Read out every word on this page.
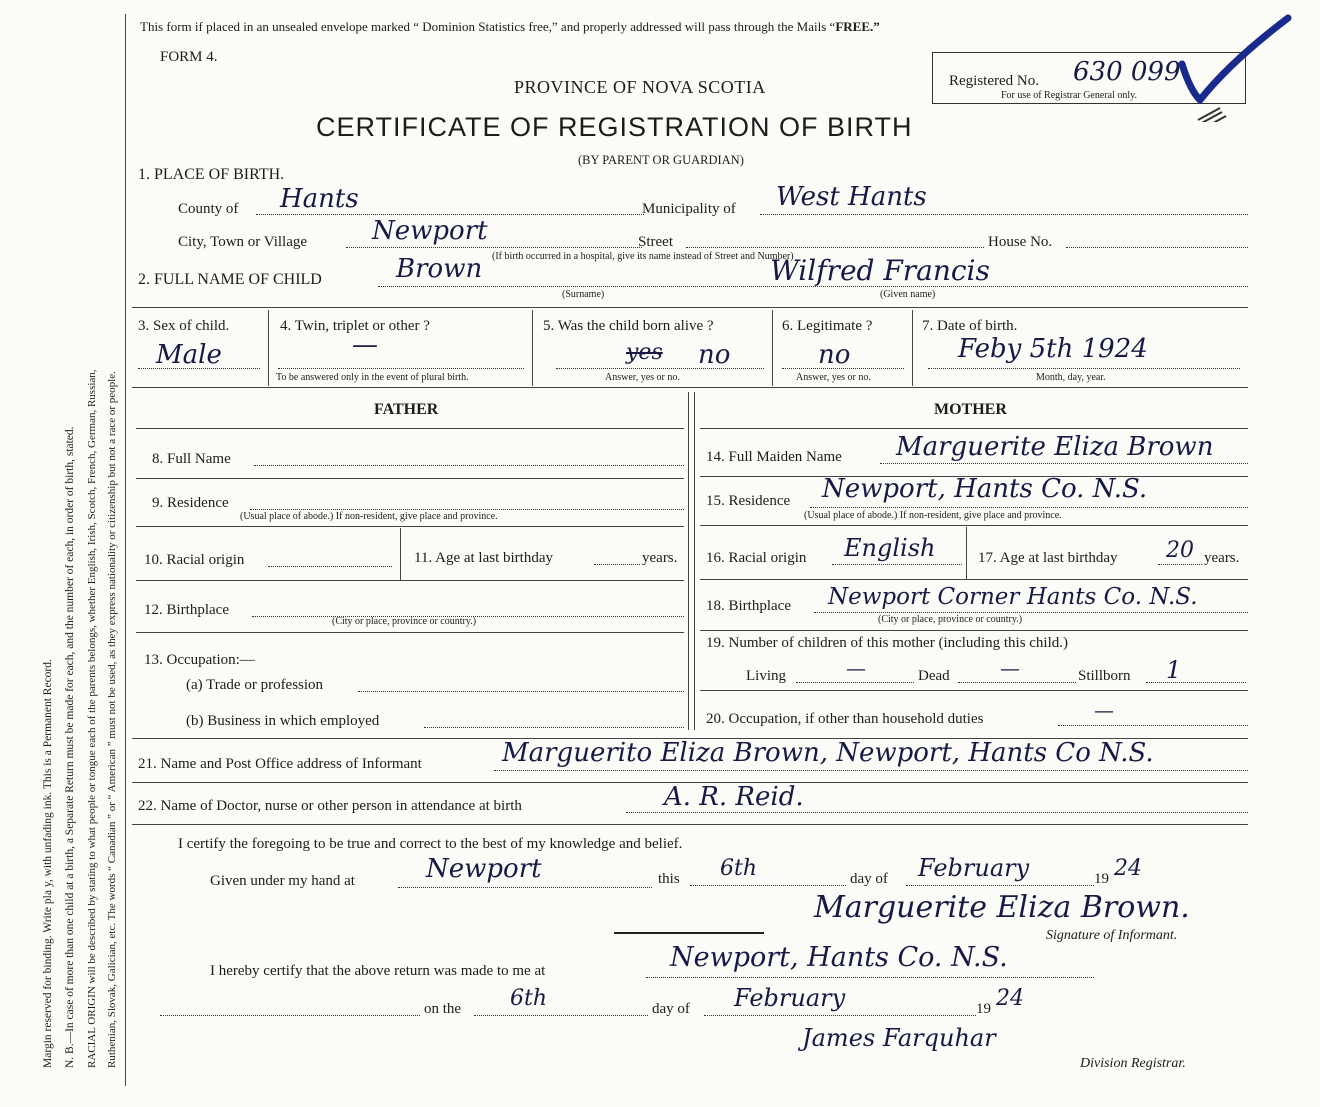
Margin reserved for binding. Write pla y, with unfading ink. This is a Permanent Record. N. B.—In case of more than one child at a birth, a Separate Return must be made for each, and the number of each, in order of birth, stated. RACIAL ORIGIN will be described by stating to what people or tongue each of the parents belongs, whether English, Irish, Scotch, French, German, Russian, Ruthenian, Slovak, Galician, etc. The words “ Canadian ” or “ American ” must not be used, as they express nationality or citizenship but not a race or people.
This form if placed in an unsealed envelope marked “ Dominion Statistics free,” and properly addressed will pass through the Mails “FREE.”
FORM 4.
PROVINCE OF NOVA SCOTIA
CERTIFICATE OF REGISTRATION OF BIRTH
(BY PARENT OR GUARDIAN)
Registered No. 630 099
For use of Registrar General only.
1. PLACE OF BIRTH.
County of Hants	Municipality of West Hants
City, Town or Village Newport	Street	House No.
(If birth occurred in a hospital, give its name instead of Street and Number)
2. FULL NAME OF CHILD	Brown	Wilfred Francis
(Surname)	(Given name)
3. Sex of child.
Male
4. Twin, triplet or other ?
—
To be answered only in the event of plural birth.
5. Was the child born alive ?
yes no
Answer, yes or no.
6. Legitimate ?
no
Answer, yes or no.
7. Date of birth.
Feby 5th 1924
Month, day, year.
FATHER	MOTHER
8. Full Name
9. Residence
(Usual place of abode.) If non-resident, give place and province.
10. Racial origin	11. Age at last birthday	years.
12. Birthplace
(City or place, province or country.)
13. Occupation:—
(a) Trade or profession
(b) Business in which employed
14. Full Maiden Name Marguerite Eliza Brown
15. Residence Newport, Hants Co. N.S.
(Usual place of abode.) If non-resident, give place and province.
16. Racial origin English	17. Age at last birthday 20 years.
18. Birthplace Newport Corner Hants Co. N.S.
(City or place, province or country.)
19. Number of children of this mother (including this child.)
Living	—	Dead	—	Stillborn 1
20. Occupation, if other than household duties	—
21. Name and Post Office address of Informant	Marguerito Eliza Brown, Newport, Hants Co N.S.
22. Name of Doctor, nurse or other person in attendance at birth	A. R. Reid.
I certify the foregoing to be true and correct to the best of my knowledge and belief.
Given under my hand at	Newport	this 6th	day of February	19 24
Marguerite Eliza Brown.
Signature of Informant.
I hereby certify that the above return was made to me at	Newport, Hants Co. N.S.
on the 6th	day of February	19 24
James Farquhar
Division Registrar.
